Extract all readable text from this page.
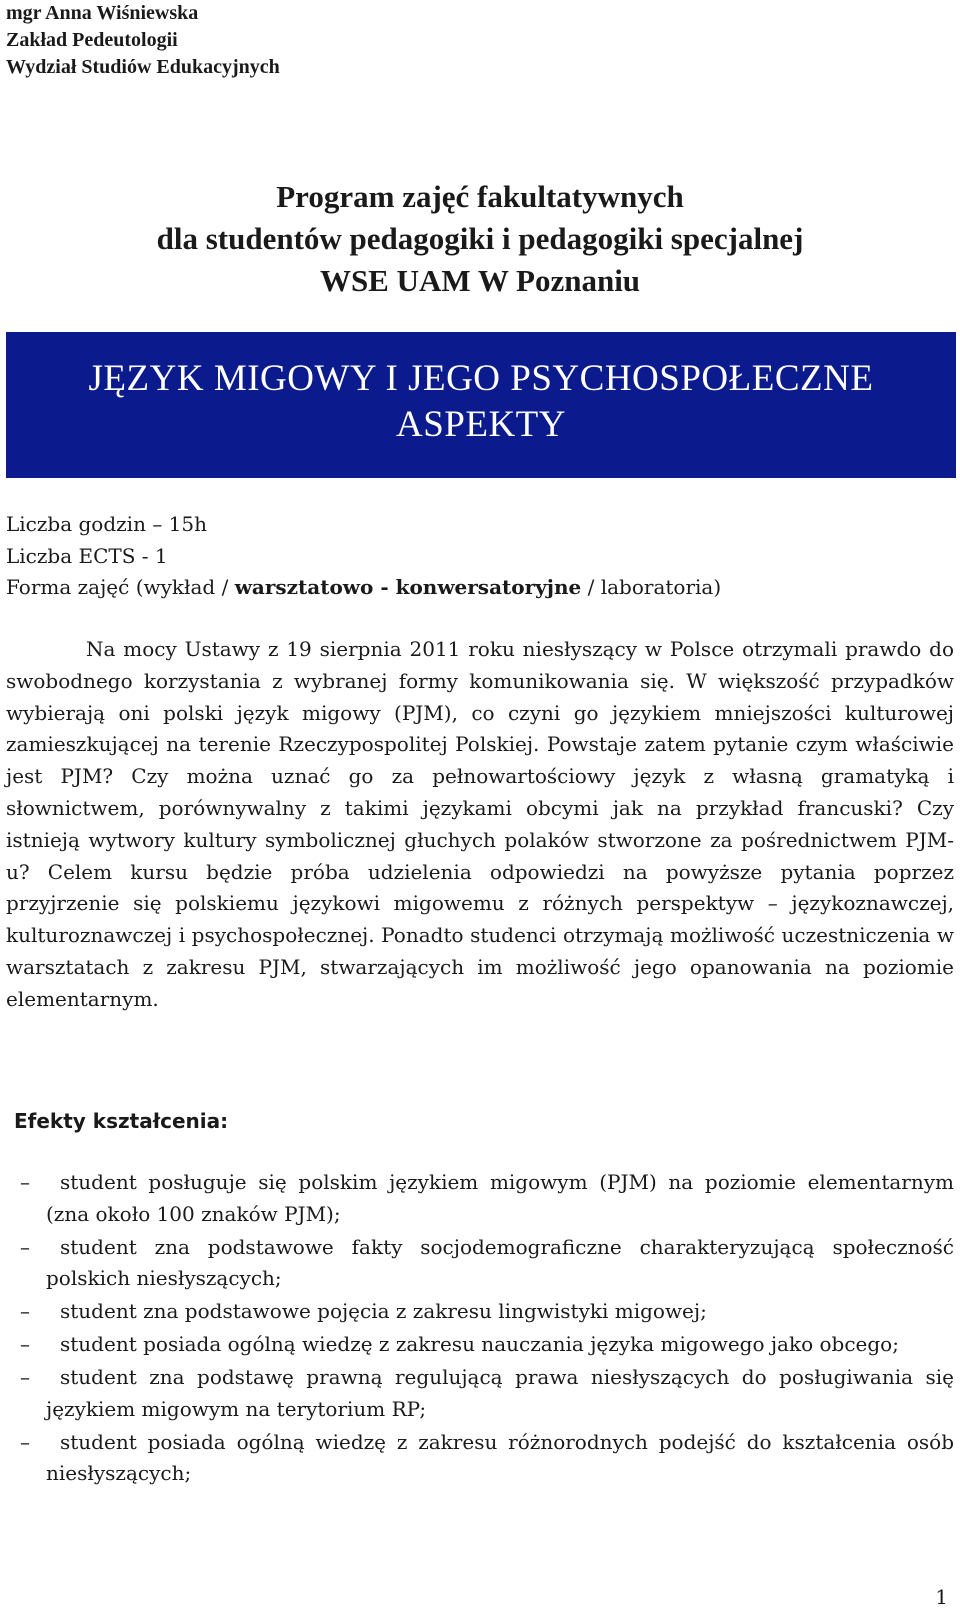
mgr Anna Wiśniewska
Zakład Pedeutologii
Wydział Studiów Edukacyjnych
Program zajęć fakultatywnych
dla studentów pedagogiki i pedagogiki specjalnej
WSE UAM W Poznaniu
JĘZYK MIGOWY I JEGO PSYCHOSPOŁECZNE
ASPEKTY
Liczba godzin – 15h
Liczba ECTS - 1
Forma zajęć (wykład / warsztatowo - konwersatoryjne / laboratoria)
Na mocy Ustawy z 19 sierpnia 2011 roku niesłyszący w Polsce otrzymali prawdo do swobodnego korzystania z wybranej formy komunikowania się. W większość przypadków wybierają oni polski język migowy (PJM), co czyni go językiem mniejszości kulturowej zamieszkującej na terenie Rzeczypospolitej Polskiej. Powstaje zatem pytanie czym właściwie jest PJM? Czy można uznać go za pełnowartościowy język z własną gramatyką i słownictwem, porównywalny z takimi językami obcymi jak na przykład francuski? Czy istnieją wytwory kultury symbolicznej głuchych polaków stworzone za pośrednictwem PJM-u? Celem kursu będzie próba udzielenia odpowiedzi na powyższe pytania poprzez przyjrzenie się polskiemu językowi migowemu z różnych perspektyw – językoznawczej, kulturoznawczej i psychospołecznej. Ponadto studenci otrzymają możliwość uczestniczenia w warsztatach z zakresu PJM, stwarzających im możliwość jego opanowania na poziomie elementarnym.
Efekty kształcenia:
–	student posługuje się polskim językiem migowym (PJM) na poziomie elementarnym (zna około 100 znaków PJM);
–	student zna podstawowe fakty socjodemograficzne charakteryzującą społeczność polskich niesłyszących;
–	student zna podstawowe pojęcia z zakresu lingwistyki migowej;
–	student posiada ogólną wiedzę z zakresu nauczania języka migowego jako obcego;
–	student zna podstawę prawną regulującą prawa niesłyszących do posługiwania się językiem migowym na terytorium RP;
–	student posiada ogólną wiedzę z zakresu różnorodnych podejść do kształcenia osób niesłyszących;
1
